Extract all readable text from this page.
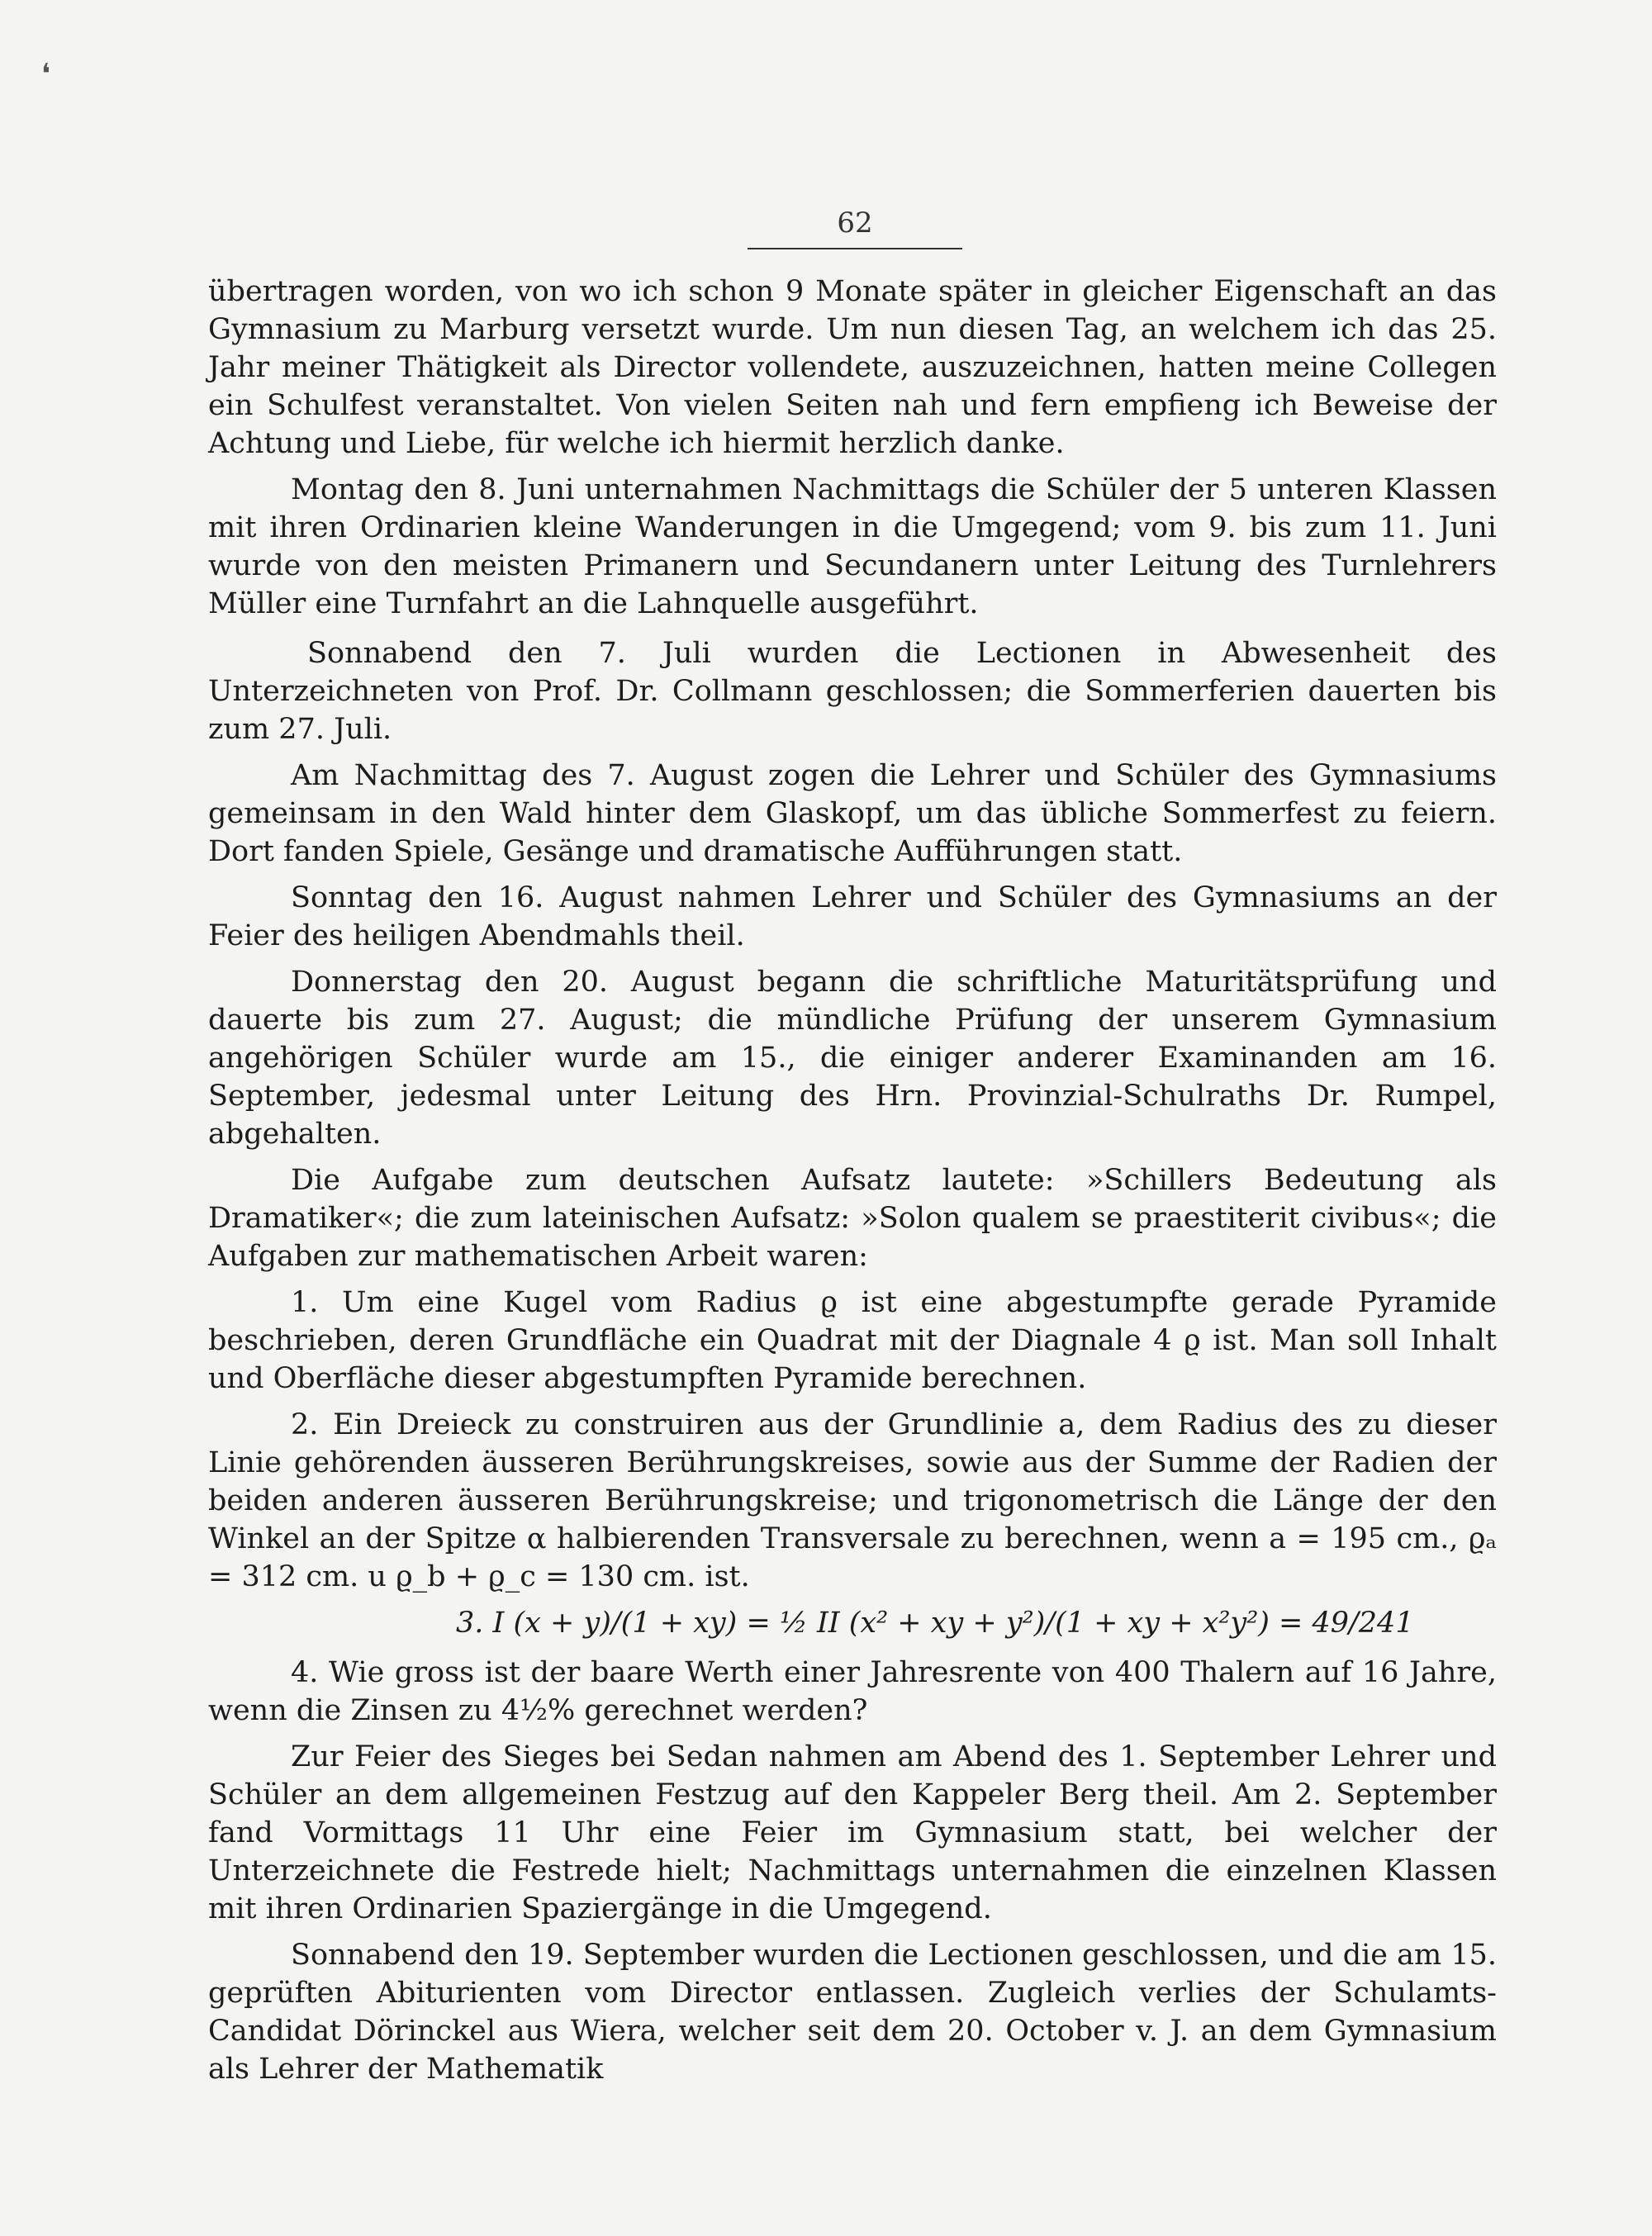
62
❛

übertragen worden, von wo ich schon 9 Monate später in gleicher Eigenschaft an das Gymnasium zu Marburg versetzt wurde. Um nun diesen Tag, an welchem ich das 25. Jahr meiner Thätigkeit als Director vollendete, auszuzeichnen, hatten meine Collegen ein Schulfest veranstaltet. Von vielen Seiten nah und fern empfieng ich Beweise der Achtung und Liebe, für welche ich hiermit herzlich danke.

Montag den 8. Juni unternahmen Nachmittags die Schüler der 5 unteren Klassen mit ihren Ordinarien kleine Wanderungen in die Umgegend; vom 9. bis zum 11. Juni wurde von den meisten Primanern und Secundanern unter Leitung des Turnlehrers Müller eine Turnfahrt an die Lahnquelle ausgeführt.

Sonnabend den 7. Juli wurden die Lectionen in Abwesenheit des Unterzeichneten von Prof. Dr. Collmann geschlossen; die Sommerferien dauerten bis zum 27. Juli.

Am Nachmittag des 7. August zogen die Lehrer und Schüler des Gymnasiums gemeinsam in den Wald hinter dem Glaskopf, um das übliche Sommerfest zu feiern. Dort fanden Spiele, Gesänge und dramatische Aufführungen statt.

Sonntag den 16. August nahmen Lehrer und Schüler des Gymnasiums an der Feier des heiligen Abendmahls theil.

Donnerstag den 20. August begann die schriftliche Maturitätsprüfung und dauerte bis zum 27. August; die mündliche Prüfung der unserem Gymnasium angehörigen Schüler wurde am 15., die einiger anderer Examinanden am 16. September, jedesmal unter Leitung des Hrn. Provinzial-Schulraths Dr. Rumpel, abgehalten.

Die Aufgabe zum deutschen Aufsatz lautete: »Schillers Bedeutung als Dramatiker«; die zum lateinischen Aufsatz: »Solon qualem se praestiterit civibus«; die Aufgaben zur mathematischen Arbeit waren:

1. Um eine Kugel vom Radius ϱ ist eine abgestumpfte gerade Pyramide beschrieben, deren Grundfläche ein Quadrat mit der Diagnale 4 ϱ ist. Man soll Inhalt und Oberfläche dieser abgestumpften Pyramide berechnen.

2. Ein Dreieck zu construiren aus der Grundlinie a, dem Radius des zu dieser Linie gehörenden äusseren Berührungskreises, sowie aus der Summe der Radien der beiden anderen äusseren Berührungskreise; und trigonometrisch die Länge der den Winkel an der Spitze α halbierenden Transversale zu berechnen, wenn a = 195 cm., ϱₐ = 312 cm. u ϱ_b + ϱ_c = 130 cm. ist.

3. I (x + y)/(1 + xy) = ½ II (x² + xy + y²)/(1 + xy + x²y²) = 49/241

4. Wie gross ist der baare Werth einer Jahresrente von 400 Thalern auf 16 Jahre, wenn die Zinsen zu 4½% gerechnet werden?

Zur Feier des Sieges bei Sedan nahmen am Abend des 1. September Lehrer und Schüler an dem allgemeinen Festzug auf den Kappeler Berg theil. Am 2. September fand Vormittags 11 Uhr eine Feier im Gymnasium statt, bei welcher der Unterzeichnete die Festrede hielt; Nachmittags unternahmen die einzelnen Klassen mit ihren Ordinarien Spaziergänge in die Umgegend.

Sonnabend den 19. September wurden die Lectionen geschlossen, und die am 15. geprüften Abiturienten vom Director entlassen. Zugleich verlies der Schulamts-Candidat Dörinckel aus Wiera, welcher seit dem 20. October v. J. an dem Gymnasium als Lehrer der Mathematik
